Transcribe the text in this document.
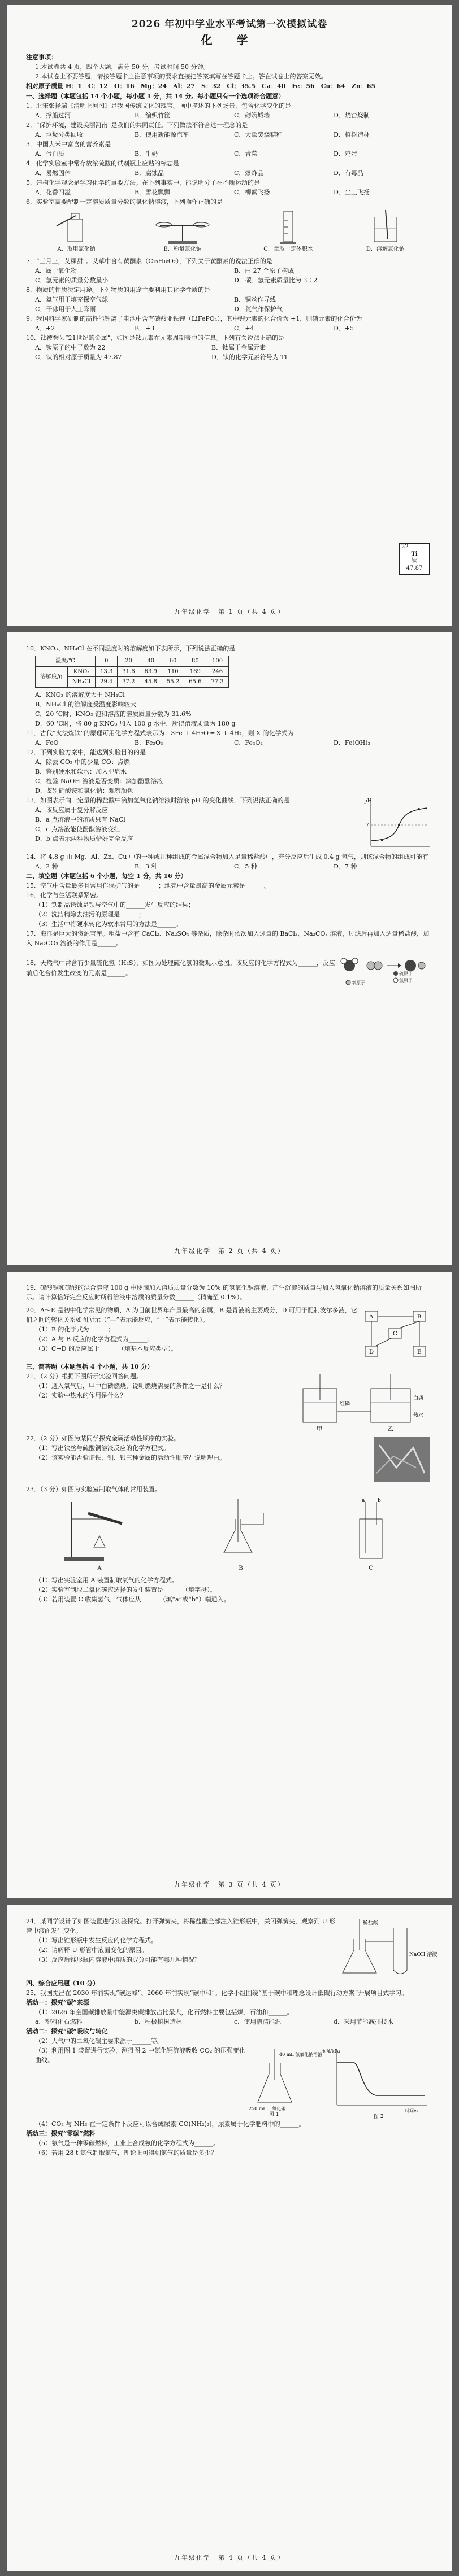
2026 年初中学业水平考试第一次模拟试卷
化 学

注意事项：

1.本试卷共 4 页，四个大题，满分 50 分，考试时间 50 分钟。

2.本试卷上不要答题，请按答题卡上注意事项的要求直接把答案填写在答题卡上。答在试卷上的答案无效。

相对原子质量 H：1　C：12　O：16　Mg：24　Al：27　S：32　Cl：35.5　Ca：40　Fe：56　Cu：64　Zn：65

一、选择题（本题包括 14 个小题，每小题 1 分，共 14 分。每小题只有一个选项符合题意）

1．北宋张择端《清明上河图》是我国传统文化的瑰宝。画中描述的下列场景，包含化学变化的是

A．撑船过河	B．编织竹筐	C．砌筑城墙	D．烧窑烧制

2．“保护环境，建设美丽河南”是我们的共同责任。下列做法不符合这一理念的是

A．垃圾分类回收	B．使用新能源汽车	C．大量焚烧秸秆	D．植树造林

3．中国大米中富含的营养素是

A．蛋白质	B．牛奶	C．青菜	D．鸡蛋

4．化学实验室中常存放浓硫酸的试剂瓶上应贴的标志是

A．易燃固体	B．腐蚀品	C．爆炸品	D．有毒品

5．建构化学观念是学习化学的重要方法。在下列事实中，能说明分子在不断运动的是

A．花香四溢	B．雪花飘飘	C．柳絮飞扬	D．尘土飞扬

6．实验室需要配制一定溶质质量分数的氯化钠溶液，下列操作正确的是

A．取用氯化钠	B．称量氯化钠	C．量取一定体积水	D．溶解氯化钠

7．“三月三，艾粿甜”。艾草中含有黄酮素（C₁₅H₁₀O₂），下列关于黄酮素的说法正确的是

A．属于氧化物	B．由 27 个原子构成
C．氢元素的质量分数最小	D．碳、氢元素质量比为 3∶2

8．物质的性质决定用途。下列物质的用途主要利用其化学性质的是

A．氦气用于填充探空气球	B．铜丝作导线
C．干冰用于人工降雨	D．氮气作保护气

9．我国科学家研制的高性能锂离子电池中含有磷酸亚铁锂（LiFePO₄），其中锂元素的化合价为 +1，则磷元素的化合价为

A．+2	B．+3	C．+4	D．+5

10．钛被誉为“21世纪的金属”，如图是钛元素在元素周期表中的信息。下列有关说法正确的是

A．钛原子的中子数为 22	B．钛属于金属元素
C．钛的相对原子质量为 47.87	D．钛的化学元素符号为 TI
22
Ti
钛
47.87
九年级化学　第 1 页（共 4 页）

10．KNO₃、NH₄Cl 在不同温度时的溶解度如下表所示，下列说法正确的是

温度/℃		0	20	40	60	80	100
溶解度/g	KNO₃	13.3	31.6	63.9	110	169	246
	NH₄Cl	29.4	37.2	45.8	55.2	65.6	77.3

A．KNO₃ 的溶解度大于 NH₄Cl

B．NH₄Cl 的溶解度受温度影响较大

C．20 ℃时，KNO₃ 饱和溶液的溶质质量分数为 31.6%

D．60 ℃时，将 80 g KNO₃ 加入 100 g 水中，所得溶液质量为 180 g

11．古代“火法炼铁”的原理可用化学方程式表示为：3Fe + 4H₂O ═ X + 4H₂，则 X 的化学式为

A．FeO	B．Fe₂O₃	C．Fe₃O₄	D．Fe(OH)₃

12．下列实验方案中，能达到实验目的的是

A．除去 CO₂ 中的少量 CO：点燃

B．鉴别硬水和软水：加入肥皂水

C．检验 NaOH 溶液是否变质：滴加酚酞溶液

D．鉴别硝酸铵和氯化钠：观察颜色

13．如图表示向一定量的稀盐酸中滴加氢氧化钠溶液时溶液 pH 的变化曲线，下列说法正确的是

A．该反应属于复分解反应

B．a 点溶液中的溶质只有 NaCl

C．c 点溶液能使酚酞溶液变红

D．b 点表示两种物质恰好完全反应

pH
7

14．将 4.8 g 由 Mg、Al、Zn、Cu 中的一种或几种组成的金属混合物加入足量稀盐酸中，充分反应后生成 0.4 g 氢气，则该混合物的组成可能有

A．2 种	B．3 种	C．5 种	D．7 种

二、填空题（本题包括 6 个小题，每空 1 分，共 16 分）

15．空气中含量最多且常用作保护气的是______；地壳中含量最高的金属元素是______。

16．化学与生活联系紧密。

（1）铁制品锈蚀是铁与空气中的______发生反应的结果；

（2）洗洁精除去油污的原理是______；

（3）生活中将硬水转化为软水常用的方法是______。

17．海洋是巨大的资源宝库。粗盐中含有 CaCl₂、Na₂SO₄ 等杂质，除杂时依次加入过量的 BaCl₂、Na₂CO₃ 溶液，过滤后再加入适量稀盐酸，加入 Na₂CO₃ 溶液的作用是______。

18．天然气中常含有少量硫化氢（H₂S），如图为处理硫化氢的微观示意图。该反应的化学方程式为______，反应前后化合价发生改变的元素是______。

氢原子
硫原子
氧原子
九年级化学　第 2 页（共 4 页）

19．硫酸铜和硫酸的混合溶液 100 g 中逐滴加入溶质质量分数为 10% 的氢氧化钠溶液，产生沉淀的质量与加入氢氧化钠溶液的质量关系如图所示。请计算恰好完全反应时所得溶液中溶质的质量分数______（精确至 0.1%）。

20．A～E 是初中化学常见的物质，A 为目前世界年产量最高的金属，B 是胃液的主要成分，D 可用于配制波尔多液，它们之间的转化关系如图所示（“—”表示能反应，“→”表示能转化）。

（1）E 的化学式为______；

（2）A 与 B 反应的化学方程式为______；

（3）C→D 的反应属于______（填基本反应类型）。

A	B
C
D	E

三、简答题（本题包括 4 个小题，共 10 分）

21．（2 分）根据下图所示实验回答问题。

（1）通入氧气后，甲中白磷燃烧，说明燃烧需要的条件之一是什么？

（2）实验中热水的作用是什么？

甲	乙
红磷
白磷
热水

22．（2 分）如图为某同学探究金属活动性顺序的实验。

（1）写出铁丝与硫酸铜溶液反应的化学方程式。

（2）该实验能否验证铁、铜、银三种金属的活动性顺序？说明理由。

23．（3 分）如图为实验室制取气体的常用装置。

A	B
a	b
C

（1）写出实验室用 A 装置制取氧气的化学方程式。

（2）实验室制取二氧化碳应选择的发生装置是______（填字母）。

（3）若用装置 C 收集氢气，气体应从______（填“a”或“b”）端通入。

九年级化学　第 3 页（共 4 页）

24．某同学设计了如图装置进行实验探究。打开弹簧夹，将稀盐酸全部注入锥形瓶中，关闭弹簧夹，观察到 U 形管中液面发生变化。

（1）写出锥形瓶中发生反应的化学方程式。

（2）请解释 U 形管中液面变化的原因。

（3）反应后锥形瓶内溶液中溶质的成分可能有哪几种情况？

稀盐酸
NaOH 溶液

四、综合应用题（10 分）

25．我国提出在 2030 年前实现“碳达峰”、2060 年前实现“碳中和”。化学小组围绕“基于碳中和理念设计低碳行动方案”开展项目式学习。

活动一：探究“碳”来源

（1）2026 年全国碳排放量中能源类碳排放占比最大，化石燃料主要包括煤、石油和______。

a．塑料化石燃料	b．积极植树造林	c．使用清洁能源	d．采用节能减排技术

活动二：探究“碳”吸收与转化

（2）大气中的二氧化碳主要来源于______等。

（3）利用图 1 装置进行实验，测得图 2 中氯化钙溶液吸收 CO₂ 的压强变化曲线。

250 mL 二氧化碳
40 mL 氢氧化钠溶液
图 1
压强/kPa
时间/s
图 2

（4）CO₂ 与 NH₃ 在一定条件下反应可以合成尿素[CO(NH₂)₂]，尿素属于化学肥料中的______。

活动三：探究“零碳”燃料

（5）氨气是一种零碳燃料，工业上合成氨的化学方程式为______。

（6）若用 28 t 氮气制取氨气，理论上可得到氨气的质量是多少？

九年级化学　第 4 页（共 4 页）
